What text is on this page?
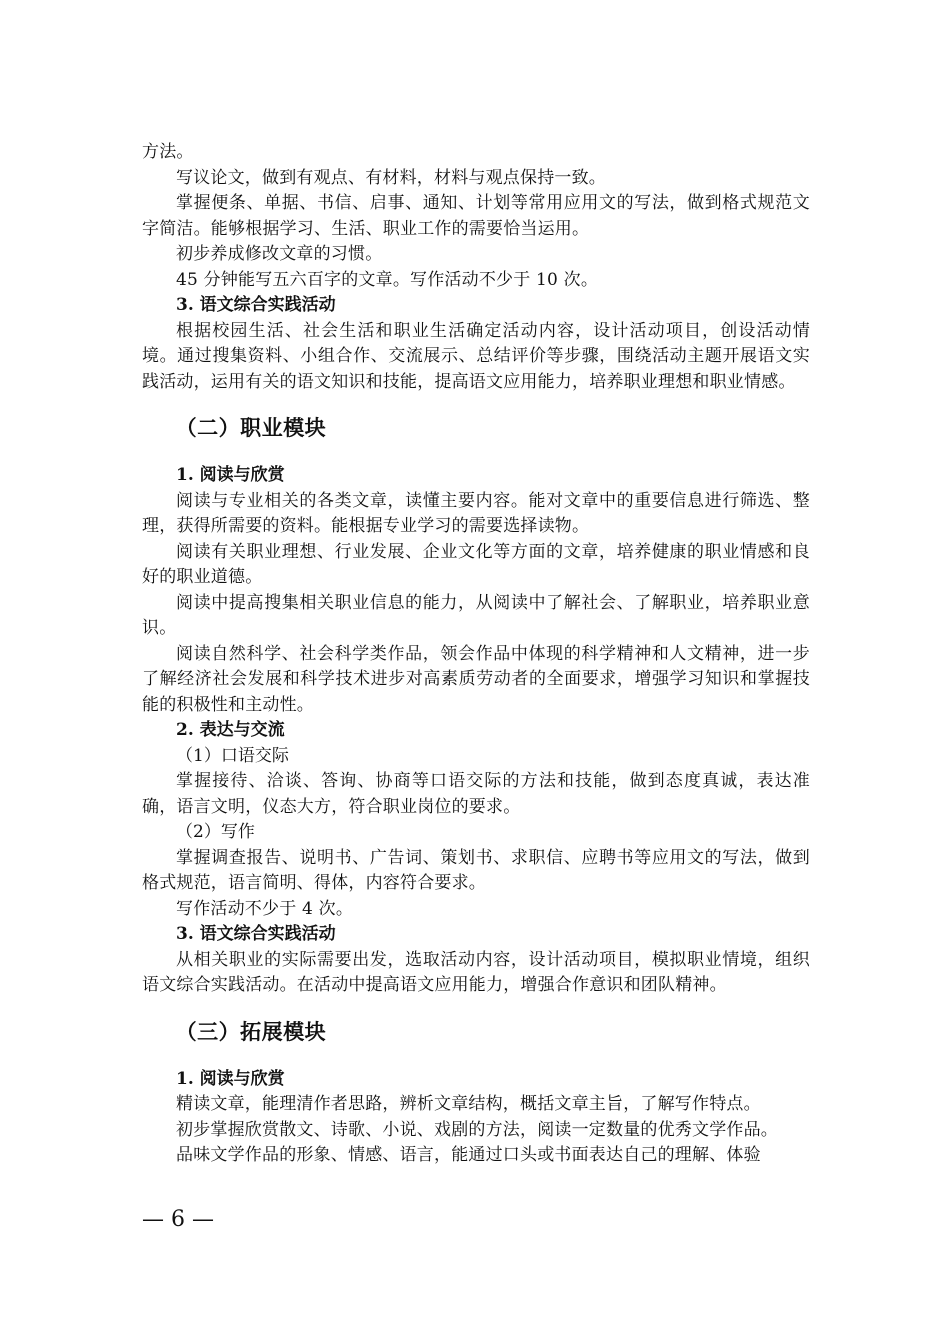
方法。

写议论文，做到有观点、有材料，材料与观点保持一致。

掌握便条、单据、书信、启事、通知、计划等常用应用文的写法，做到格式规范文字简洁。能够根据学习、生活、职业工作的需要恰当运用。

初步养成修改文章的习惯。

45 分钟能写五六百字的文章。写作活动不少于 10 次。

3. 语文综合实践活动

根据校园生活、社会生活和职业生活确定活动内容，设计活动项目，创设活动情境。通过搜集资料、小组合作、交流展示、总结评价等步骤，围绕活动主题开展语文实践活动，运用有关的语文知识和技能，提高语文应用能力，培养职业理想和职业情感。

（二）职业模块

1. 阅读与欣赏

阅读与专业相关的各类文章，读懂主要内容。能对文章中的重要信息进行筛选、整理，获得所需要的资料。能根据专业学习的需要选择读物。

阅读有关职业理想、行业发展、企业文化等方面的文章，培养健康的职业情感和良好的职业道德。

阅读中提高搜集相关职业信息的能力，从阅读中了解社会、了解职业，培养职业意识。

阅读自然科学、社会科学类作品，领会作品中体现的科学精神和人文精神，进一步了解经济社会发展和科学技术进步对高素质劳动者的全面要求，增强学习知识和掌握技能的积极性和主动性。

2. 表达与交流

（1）口语交际

掌握接待、洽谈、答询、协商等口语交际的方法和技能，做到态度真诚，表达准确，语言文明，仪态大方，符合职业岗位的要求。

（2）写作

掌握调查报告、说明书、广告词、策划书、求职信、应聘书等应用文的写法，做到格式规范，语言简明、得体，内容符合要求。

写作活动不少于 4 次。

3. 语文综合实践活动

从相关职业的实际需要出发，选取活动内容，设计活动项目，模拟职业情境，组织语文综合实践活动。在活动中提高语文应用能力，增强合作意识和团队精神。

（三）拓展模块

1. 阅读与欣赏

精读文章，能理清作者思路，辨析文章结构，概括文章主旨，了解写作特点。

初步掌握欣赏散文、诗歌、小说、戏剧的方法，阅读一定数量的优秀文学作品。

品味文学作品的形象、情感、语言，能通过口头或书面表达自己的理解、体验

— 6 —
